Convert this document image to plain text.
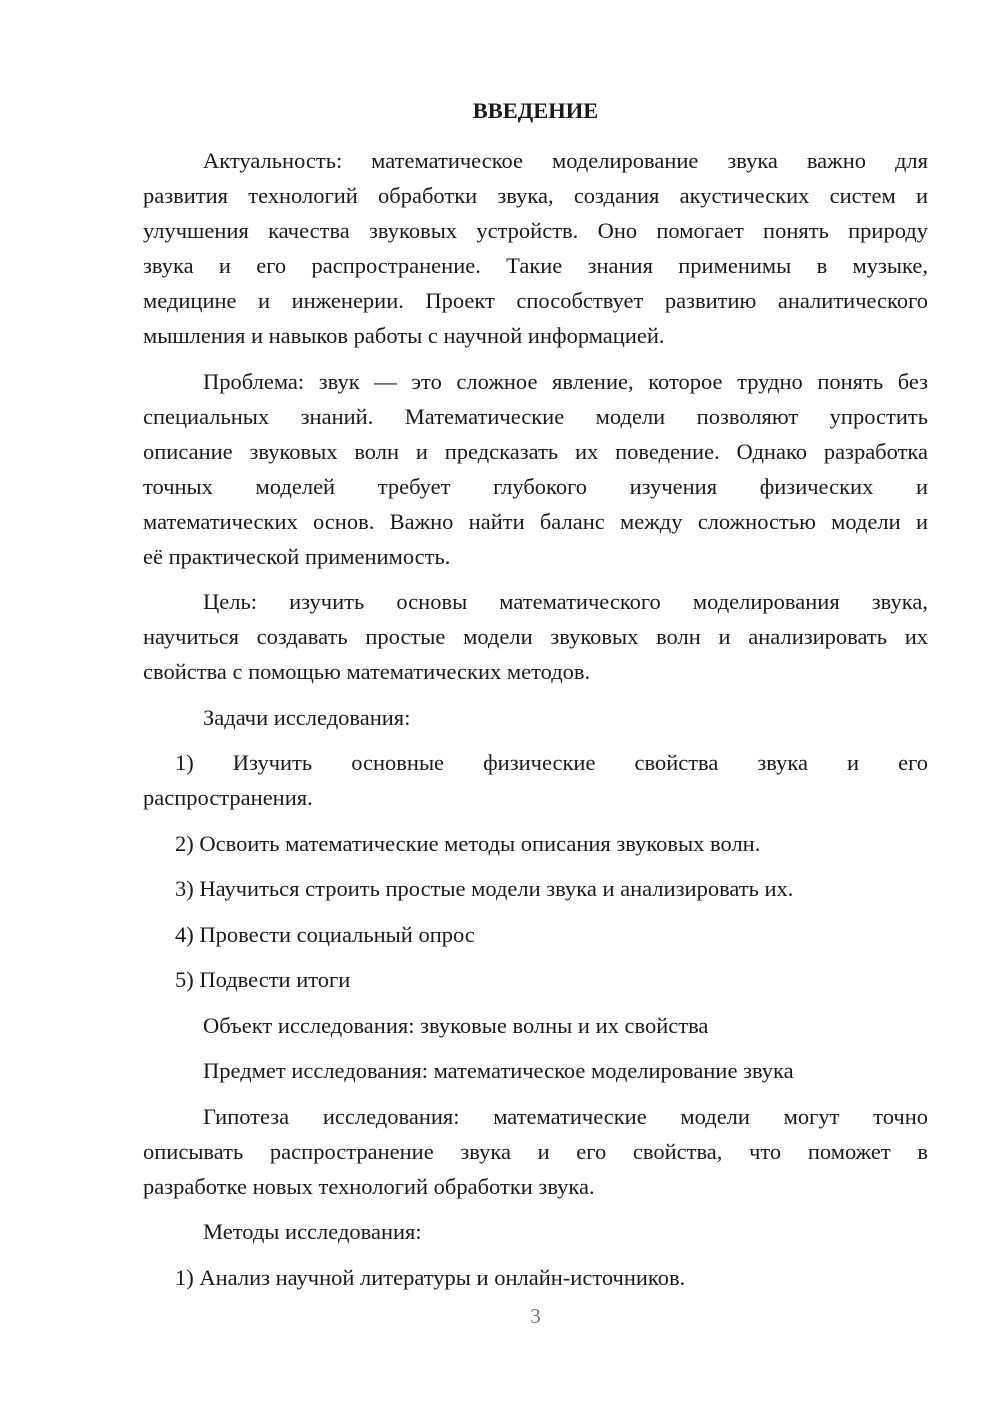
ВВЕДЕНИЕ
Актуальность: математическое моделирование звука важно для
развития технологий обработки звука, создания акустических систем и
улучшения качества звуковых устройств. Оно помогает понять природу
звука и его распространение. Такие знания применимы в музыке,
медицине и инженерии. Проект способствует развитию аналитического
мышления и навыков работы с научной информацией.
Проблема: звук — это сложное явление, которое трудно понять без
специальных знаний. Математические модели позволяют упростить
описание звуковых волн и предсказать их поведение. Однако разработка
точных моделей требует глубокого изучения физических и
математических основ. Важно найти баланс между сложностью модели и
её практической применимость.
Цель: изучить основы математического моделирования звука,
научиться создавать простые модели звуковых волн и анализировать их
свойства с помощью математических методов.
Задачи исследования:
1) Изучить основные физические свойства звука и его
распространения.
2) Освоить математические методы описания звуковых волн.
3) Научиться строить простые модели звука и анализировать их.
4) Провести социальный опрос
5) Подвести итоги
Объект исследования: звуковые волны и их свойства
Предмет исследования: математическое моделирование звука
Гипотеза исследования: математические модели могут точно
описывать распространение звука и его свойства, что поможет в
разработке новых технологий обработки звука.
Методы исследования:
1) Анализ научной литературы и онлайн-источников.
3
